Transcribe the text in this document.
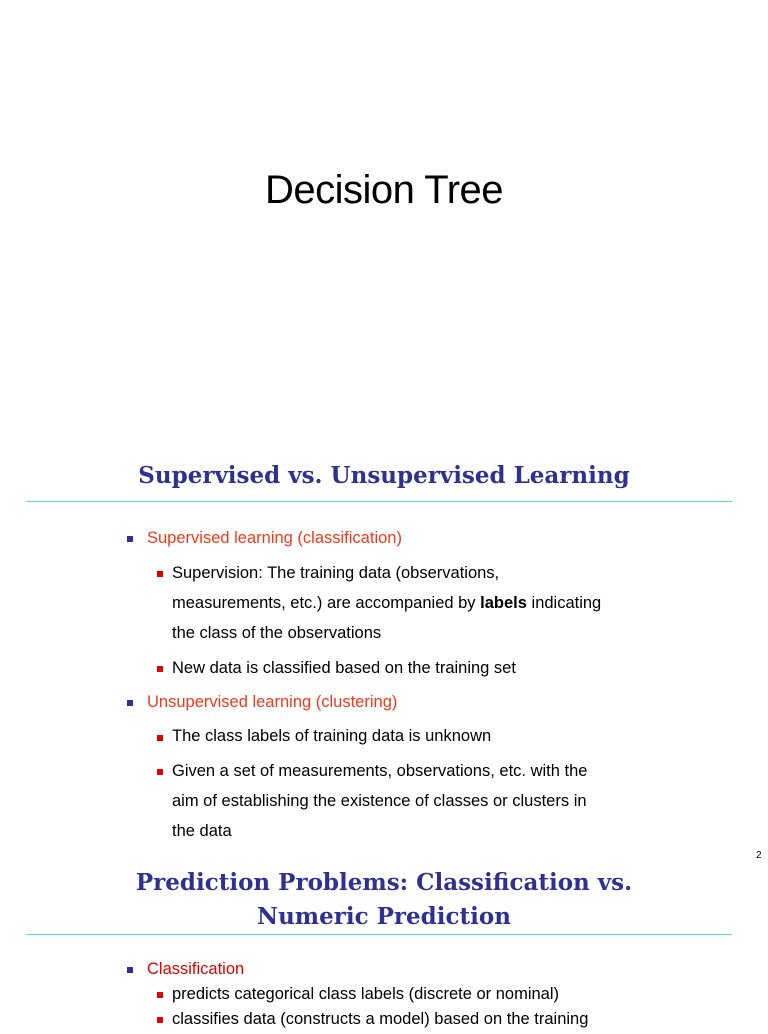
Decision Tree
Supervised vs. Unsupervised Learning
Supervised learning (classification)
Supervision: The training data (observations,
measurements, etc.) are accompanied by labels indicating
the class of the observations
New data is classified based on the training set
Unsupervised learning (clustering)
The class labels of training data is unknown
Given a set of measurements, observations, etc. with the
aim of establishing the existence of classes or clusters in
the data
2
Prediction Problems: Classification vs.
Numeric Prediction
Classification
predicts categorical class labels (discrete or nominal)
classifies data (constructs a model) based on the training
